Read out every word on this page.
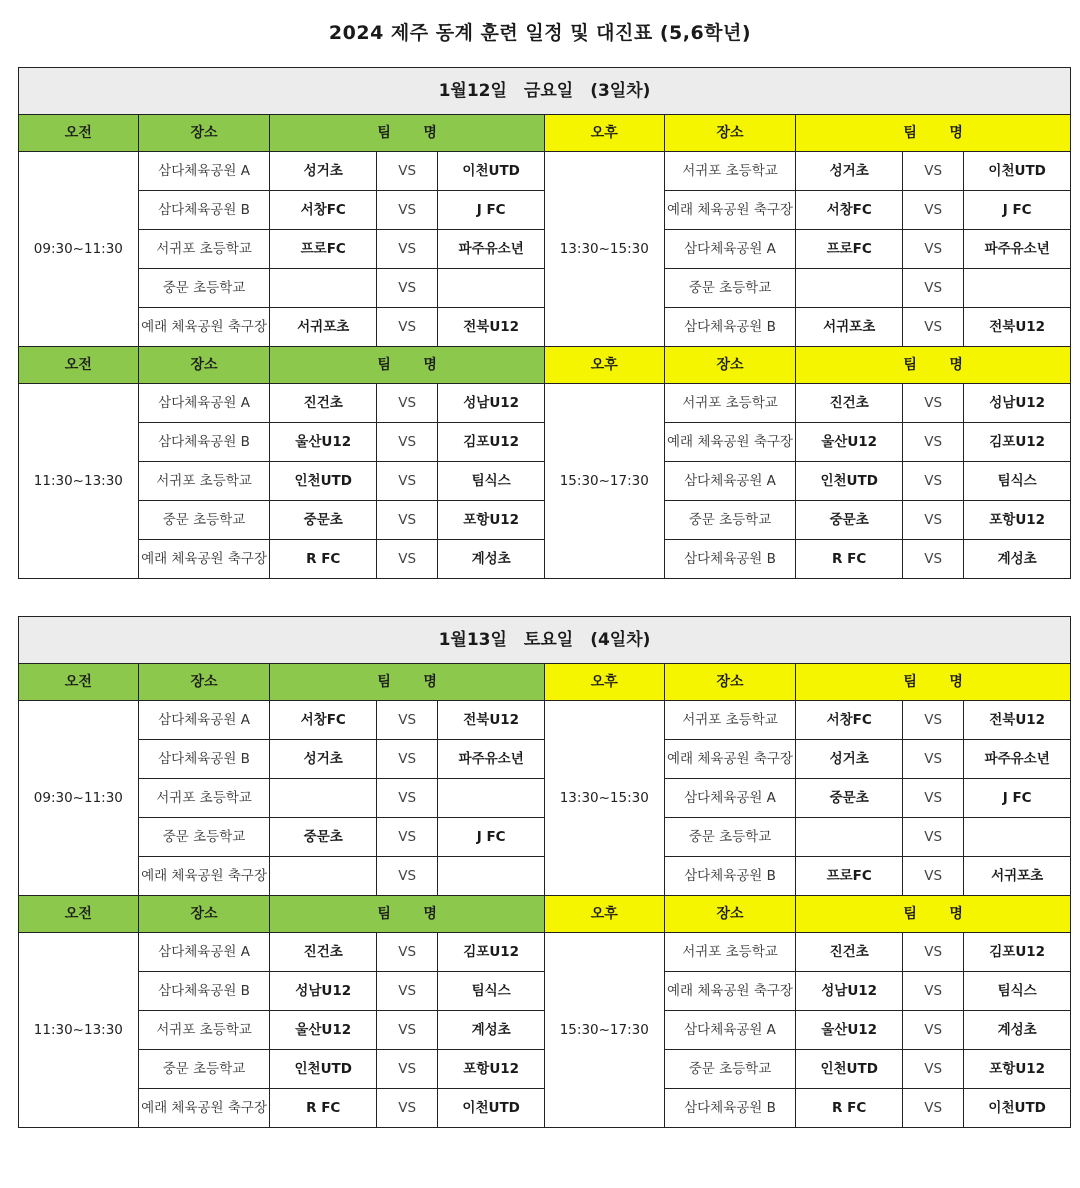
2024 제주 동계 훈련 일정 및 대진표 (5,6학년)
1월12일　금요일　(3일차)									
오전	장소	팀 명			오후	장소	팀 명		
09:30~11:30	삼다체육공원 A	성거초	VS	이천UTD	13:30~15:30	서귀포 초등학교	성거초	VS	이천UTD
	삼다체육공원 B	서창FC	VS	J FC		예래 체육공원 축구장	서창FC	VS	J FC
	서귀포 초등학교	프로FC	VS	파주유소년		삼다체육공원 A	프로FC	VS	파주유소년
	중문 초등학교		VS			중문 초등학교		VS	
	예래 체육공원 축구장	서귀포초	VS	전북U12		삼다체육공원 B	서귀포초	VS	전북U12
오전	장소	팀 명			오후	장소	팀 명		
11:30~13:30	삼다체육공원 A	진건초	VS	성남U12	15:30~17:30	서귀포 초등학교	진건초	VS	성남U12
	삼다체육공원 B	울산U12	VS	김포U12		예래 체육공원 축구장	울산U12	VS	김포U12
	서귀포 초등학교	인천UTD	VS	팀식스		삼다체육공원 A	인천UTD	VS	팀식스
	중문 초등학교	중문초	VS	포항U12		중문 초등학교	중문초	VS	포항U12
	예래 체육공원 축구장	R FC	VS	계성초		삼다체육공원 B	R FC	VS	계성초
1월13일　토요일　(4일차)									
오전	장소	팀 명			오후	장소	팀 명		
09:30~11:30	삼다체육공원 A	서창FC	VS	전북U12	13:30~15:30	서귀포 초등학교	서창FC	VS	전북U12
	삼다체육공원 B	성거초	VS	파주유소년		예래 체육공원 축구장	성거초	VS	파주유소년
	서귀포 초등학교		VS			삼다체육공원 A	중문초	VS	J FC
	중문 초등학교	중문초	VS	J FC		중문 초등학교		VS	
	예래 체육공원 축구장		VS			삼다체육공원 B	프로FC	VS	서귀포초
오전	장소	팀 명			오후	장소	팀 명		
11:30~13:30	삼다체육공원 A	진건초	VS	김포U12	15:30~17:30	서귀포 초등학교	진건초	VS	김포U12
	삼다체육공원 B	성남U12	VS	팀식스		예래 체육공원 축구장	성남U12	VS	팀식스
	서귀포 초등학교	울산U12	VS	계성초		삼다체육공원 A	울산U12	VS	계성초
	중문 초등학교	인천UTD	VS	포항U12		중문 초등학교	인천UTD	VS	포항U12
	예래 체육공원 축구장	R FC	VS	이천UTD		삼다체육공원 B	R FC	VS	이천UTD
